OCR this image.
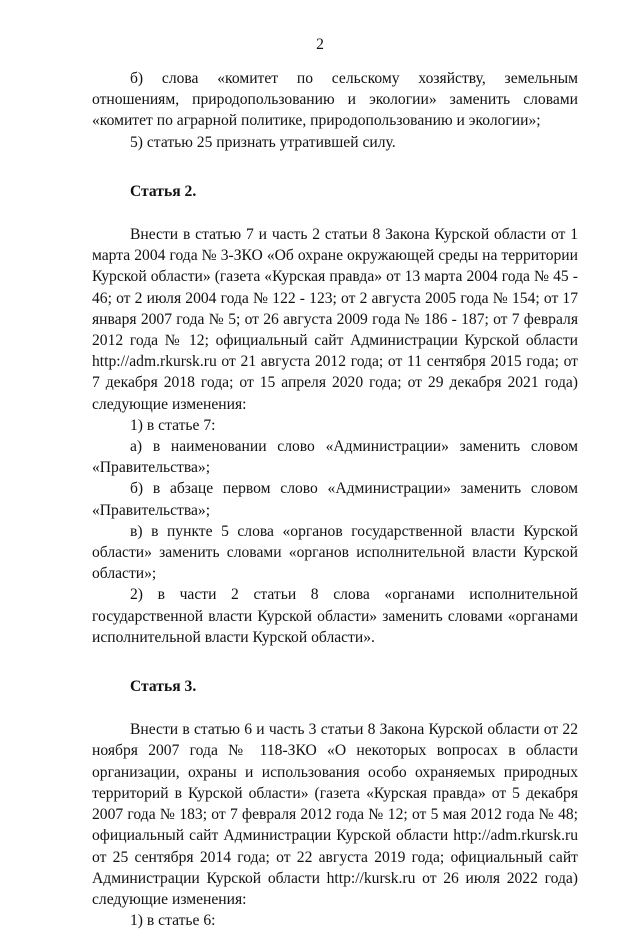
2

б) слова «комитет по сельскому хозяйству, земельным отношениям, природопользованию и экологии» заменить словами «комитет по аграрной политике, природопользованию и экологии»;

5) статью 25 признать утратившей силу.

Статья 2.

Внести в статью 7 и часть 2 статьи 8 Закона Курской области от 1 марта 2004 года № 3-ЗКО «Об охране окружающей среды на территории Курской области» (газета «Курская правда» от 13 марта 2004 года № 45 - 46; от 2 июля 2004 года № 122 - 123; от 2 августа 2005 года № 154; от 17 января 2007 года № 5; от 26 августа 2009 года № 186 - 187; от 7 февраля 2012 года № 12; официальный сайт Администрации Курской области http://adm.rkursk.ru от 21 августа 2012 года; от 11 сентября 2015 года; от 7 декабря 2018 года; от 15 апреля 2020 года; от 29 декабря 2021 года) следующие изменения:

1) в статье 7:

а) в наименовании слово «Администрации» заменить словом «Правительства»;

б) в абзаце первом слово «Администрации» заменить словом «Правительства»;

в) в пункте 5 слова «органов государственной власти Курской области» заменить словами «органов исполнительной власти Курской области»;

2) в части 2 статьи 8 слова «органами исполнительной государственной власти Курской области» заменить словами «органами исполнительной власти Курской области».

Статья 3.

Внести в статью 6 и часть 3 статьи 8 Закона Курской области от 22 ноября 2007 года № 118-ЗКО «О некоторых вопросах в области организации, охраны и использования особо охраняемых природных территорий в Курской области» (газета «Курская правда» от 5 декабря 2007 года № 183; от 7 февраля 2012 года № 12; от 5 мая 2012 года № 48; официальный сайт Администрации Курской области http://adm.rkursk.ru от 25 сентября 2014 года; от 22 августа 2019 года; официальный сайт Администрации Курской области http://kursk.ru от 26 июля 2022 года) следующие изменения:

1) в статье 6:
